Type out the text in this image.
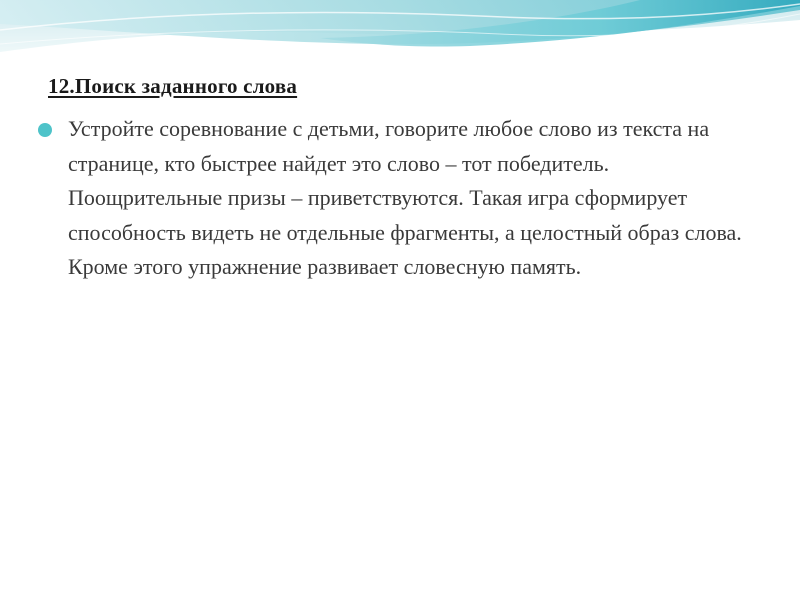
12.Поиск заданного слова

Устройте соревнование с детьми, говорите любое слово из текста на странице, кто быстрее найдет это слово – тот победитель. Поощрительные призы – приветствуются. Такая игра сформирует способность видеть не отдельные фрагменты, а целостный образ слова. Кроме этого упражнение развивает словесную память.
